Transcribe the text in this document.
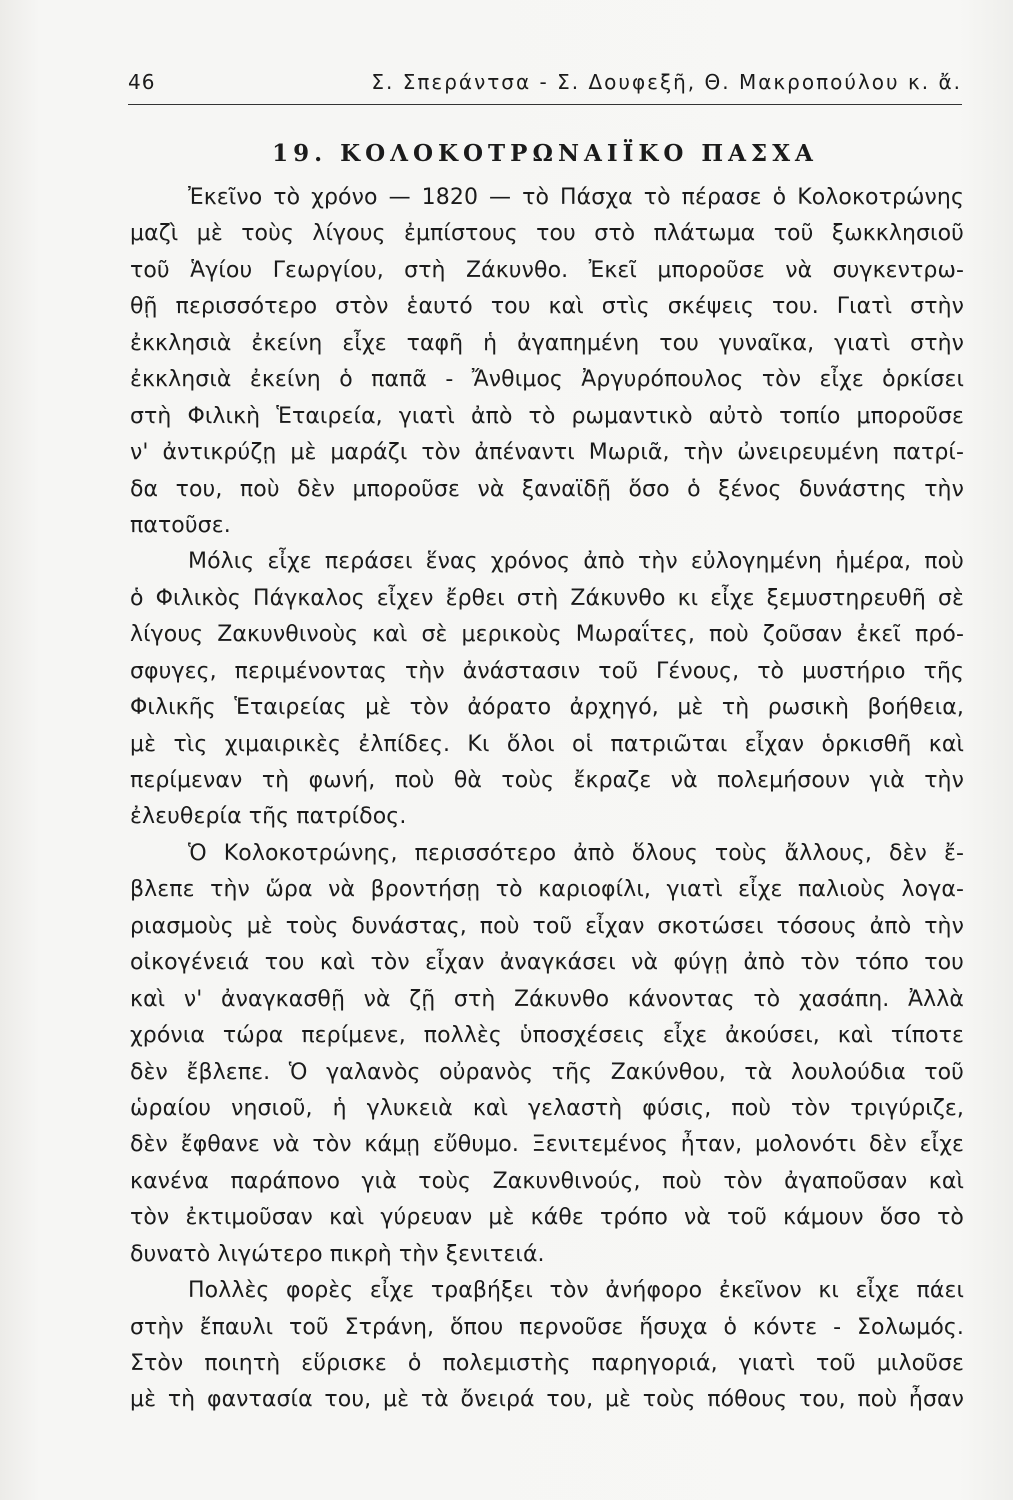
46	Σ. Σπεράντσα - Σ. Δουφεξῆ, Θ. Μακροπούλου κ. ἄ.
19. ΚΟΛΟΚΟΤΡΩΝΑΙΪΚΟ ΠΑΣΧΑ
Ἐκεῖνο τὸ χρόνο — 1820 — τὸ Πάσχα τὸ πέρασε ὁ Κολοκοτρώνης
μαζὶ μὲ τοὺς λίγους ἐμπίστους του στὸ πλάτωμα τοῦ ξωκκλησιοῦ
τοῦ Ἁγίου Γεωργίου, στὴ Ζάκυνθο. Ἐκεῖ μποροῦσε νὰ συγκεντρω-
θῇ περισσότερο στὸν ἑαυτό του καὶ στὶς σκέψεις του. Γιατὶ στὴν
ἐκκλησιὰ ἐκείνη εἶχε ταφῆ ἡ ἀγαπημένη του γυναῖκα, γιατὶ στὴν
ἐκκλησιὰ ἐκείνη ὁ παπᾶ - Ἄνθιμος Ἀργυρόπουλος τὸν εἶχε ὁρκίσει
στὴ Φιλικὴ Ἑταιρεία, γιατὶ ἀπὸ τὸ ρωμαντικὸ αὐτὸ τοπίο μποροῦσε
ν' ἀντικρύζῃ μὲ μαράζι τὸν ἀπέναντι Μωριᾶ, τὴν ὠνειρευμένη πατρί-
δα του, ποὺ δὲν μποροῦσε νὰ ξαναϊδῇ ὅσο ὁ ξένος δυνάστης τὴν
πατοῦσε.
Μόλις εἶχε περάσει ἕνας χρόνος ἀπὸ τὴν εὐλογημένη ἡμέρα, ποὺ
ὁ Φιλικὸς Πάγκαλος εἶχεν ἔρθει στὴ Ζάκυνθο κι εἶχε ξεμυστηρευθῆ σὲ
λίγους Ζακυνθινοὺς καὶ σὲ μερικοὺς Μωραΐτες, ποὺ ζοῦσαν ἐκεῖ πρό-
σφυγες, περιμένοντας τὴν ἀνάστασιν τοῦ Γένους, τὸ μυστήριο τῆς
Φιλικῆς Ἑταιρείας μὲ τὸν ἀόρατο ἀρχηγό, μὲ τὴ ρωσικὴ βοήθεια,
μὲ τὶς χιμαιρικὲς ἐλπίδες. Κι ὅλοι οἱ πατριῶται εἶχαν ὁρκισθῆ καὶ
περίμεναν τὴ φωνή, ποὺ θὰ τοὺς ἔκραζε νὰ πολεμήσουν γιὰ τὴν
ἐλευθερία τῆς πατρίδος.
Ὁ Κολοκοτρώνης, περισσότερο ἀπὸ ὅλους τοὺς ἄλλους, δὲν ἔ-
βλεπε τὴν ὥρα νὰ βροντήσῃ τὸ καριοφίλι, γιατὶ εἶχε παλιοὺς λογα-
ριασμοὺς μὲ τοὺς δυνάστας, ποὺ τοῦ εἶχαν σκοτώσει τόσους ἀπὸ τὴν
οἰκογένειά του καὶ τὸν εἶχαν ἀναγκάσει νὰ φύγῃ ἀπὸ τὸν τόπο του
καὶ ν' ἀναγκασθῇ νὰ ζῇ στὴ Ζάκυνθο κάνοντας τὸ χασάπη. Ἀλλὰ
χρόνια τώρα περίμενε, πολλὲς ὑποσχέσεις εἶχε ἀκούσει, καὶ τίποτε
δὲν ἔβλεπε. Ὁ γαλανὸς οὐρανὸς τῆς Ζακύνθου, τὰ λουλούδια τοῦ
ὡραίου νησιοῦ, ἡ γλυκειὰ καὶ γελαστὴ φύσις, ποὺ τὸν τριγύριζε,
δὲν ἔφθανε νὰ τὸν κάμῃ εὔθυμο. Ξενιτεμένος ἦταν, μολονότι δὲν εἶχε
κανένα παράπονο γιὰ τοὺς Ζακυνθινούς, ποὺ τὸν ἀγαποῦσαν καὶ
τὸν ἐκτιμοῦσαν καὶ γύρευαν μὲ κάθε τρόπο νὰ τοῦ κάμουν ὅσο τὸ
δυνατὸ λιγώτερο πικρὴ τὴν ξενιτειά.
Πολλὲς φορὲς εἶχε τραβήξει τὸν ἀνήφορο ἐκεῖνον κι εἶχε πάει
στὴν ἔπαυλι τοῦ Στράνη, ὅπου περνοῦσε ἥσυχα ὁ κόντε - Σολωμός.
Στὸν ποιητὴ εὕρισκε ὁ πολεμιστὴς παρηγοριά, γιατὶ τοῦ μιλοῦσε
μὲ τὴ φαντασία του, μὲ τὰ ὄνειρά του, μὲ τοὺς πόθους του, ποὺ ἦσαν
